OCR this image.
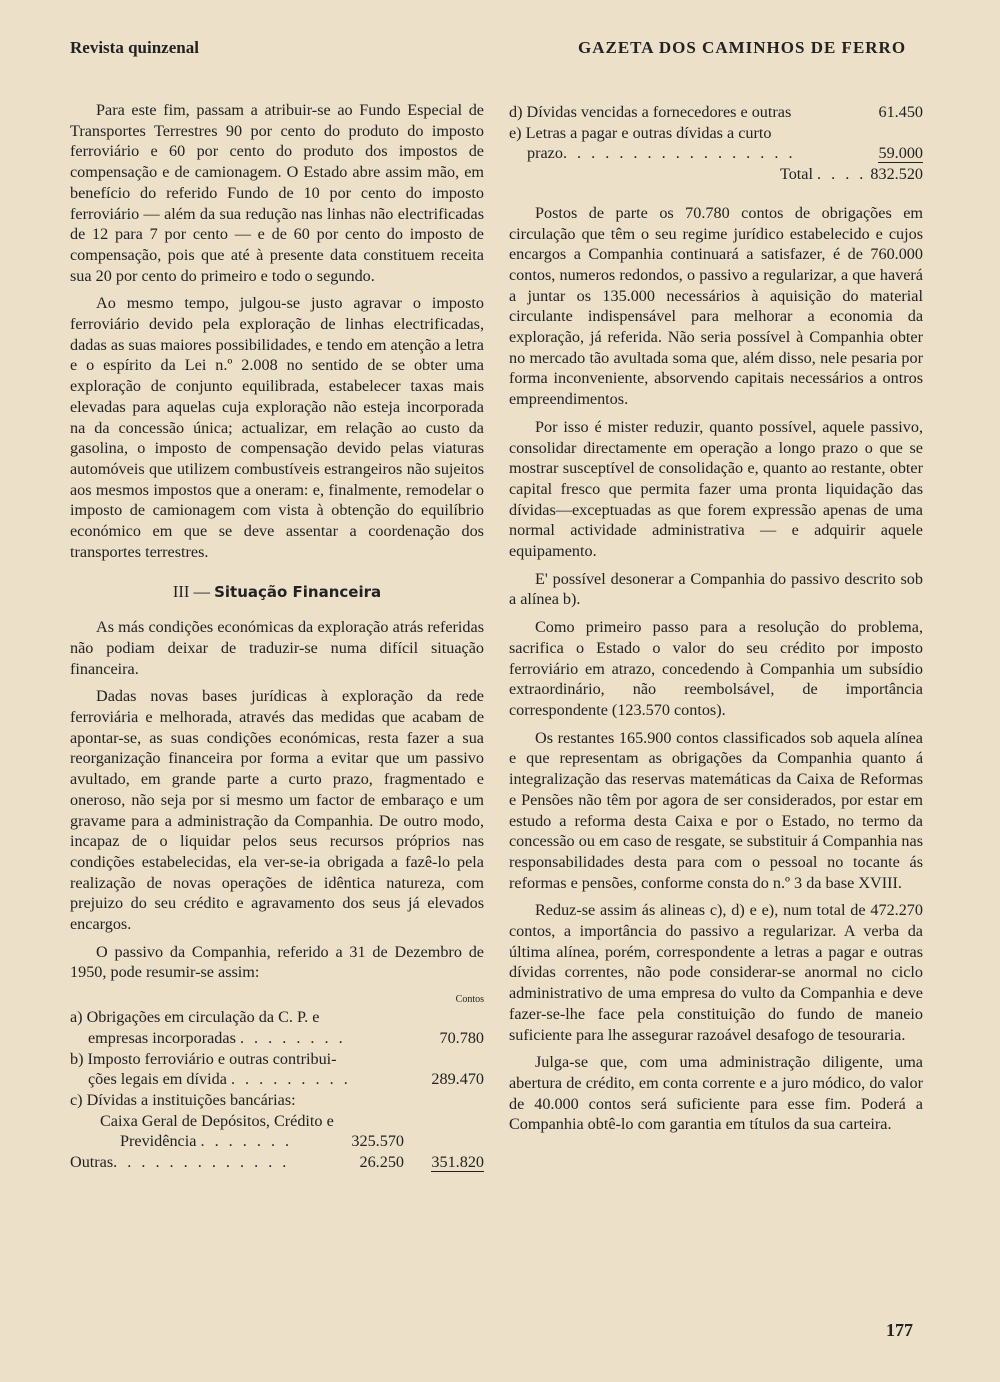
Revista quinzenal	GAZETA DOS CAMINHOS DE FERRO

Para este fim, passam a atribuir-se ao Fundo Especial de Transportes Terrestres 90 por cento do produto do imposto ferroviário e 60 por cento do produto dos impostos de compensação e de camionagem. O Estado abre assim mão, em benefício do referido Fundo de 10 por cento do imposto ferroviário — além da sua redução nas linhas não electrificadas de 12 para 7 por cento — e de 60 por cento do imposto de compensação, pois que até à presente data constituem receita sua 20 por cento do primeiro e todo o segundo.

Ao mesmo tempo, julgou-se justo agravar o imposto ferroviário devido pela exploração de linhas electrificadas, dadas as suas maiores possibilidades, e tendo em atenção a letra e o espírito da Lei n.º 2.008 no sentido de se obter uma exploração de conjunto equilibrada, estabelecer taxas mais elevadas para aquelas cuja exploração não esteja incorporada na da concessão única; actualizar, em relação ao custo da gasolina, o imposto de compensação devido pelas viaturas automóveis que utilizem combustíveis estrangeiros não sujeitos aos mesmos impostos que a oneram: e, finalmente, remodelar o imposto de camionagem com vista à obtenção do equilíbrio económico em que se deve assentar a coordenação dos transportes terrestres.

III — Situação Financeira

As más condições económicas da exploração atrás referidas não podiam deixar de traduzir-se numa difícil situação financeira.

Dadas novas bases jurídicas à exploração da rede ferroviária e melhorada, através das medidas que acabam de apontar-se, as suas condições económicas, resta fazer a sua reorganização financeira por forma a evitar que um passivo avultado, em grande parte a curto prazo, fragmentado e oneroso, não seja por si mesmo um factor de embaraço e um gravame para a administração da Companhia. De outro modo, incapaz de o liquidar pelos seus recursos próprios nas condições estabelecidas, ela ver-se-ia obrigada a fazê-lo pela realização de novas operações de idêntica natureza, com prejuizo do seu crédito e agravamento dos seus já elevados encargos.

O passivo da Companhia, referido a 31 de Dezembro de 1950, pode resumir-se assim:

Contos
a) Obrigações em circulação da C. P. e
empresas incorporadas . . . . . . . .	70.780
b) Imposto ferroviário e outras contribui-
ções legais em dívida . . . . . . . . .	289.470
c) Dívidas a instituições bancárias:
Caixa Geral de Depósitos, Crédito e
Previdência . . . . . . .	325.570
Outras. . . . . . . . . . . . .	26.250	351.820
d) Dívidas vencidas a fornecedores e outras	61.450
e) Letras a pagar e outras dívidas a curto
prazo. . . . . . . . . . . . . . . . .	59.000
Total . . . . 832.520

Postos de parte os 70.780 contos de obrigações em circulação que têm o seu regime jurídico estabelecido e cujos encargos a Companhia continuará a satisfazer, é de 760.000 contos, numeros redondos, o passivo a regularizar, a que haverá a juntar os 135.000 necessários à aquisição do material circulante indispensável para melhorar a economia da exploração, já referida. Não seria possível à Companhia obter no mercado tão avultada soma que, além disso, nele pesaria por forma inconveniente, absorvendo capitais necessários a ontros empreendimentos.

Por isso é mister reduzir, quanto possível, aquele passivo, consolidar directamente em operação a longo prazo o que se mostrar susceptível de consolidação e, quanto ao restante, obter capital fresco que permita fazer uma pronta liquidação das dívidas—exceptuadas as que forem expressão apenas de uma normal actividade administrativa — e adquirir aquele equipamento.

E' possível desonerar a Companhia do passivo descrito sob a alínea b).

Como primeiro passo para a resolução do problema, sacrifica o Estado o valor do seu crédito por imposto ferroviário em atrazo, concedendo à Companhia um subsídio extraordinário, não reembolsável, de importância correspondente (123.570 contos).

Os restantes 165.900 contos classificados sob aquela alínea e que representam as obrigações da Companhia quanto á integralização das reservas matemáticas da Caixa de Reformas e Pensões não têm por agora de ser considerados, por estar em estudo a reforma desta Caixa e por o Estado, no termo da concessão ou em caso de resgate, se substituir á Companhia nas responsabilidades desta para com o pessoal no tocante ás reformas e pensões, conforme consta do n.º 3 da base XVIII.

Reduz-se assim ás alineas c), d) e e), num total de 472.270 contos, a importância do passivo a regularizar. A verba da última alínea, porém, correspondente a letras a pagar e outras dívidas correntes, não pode considerar-se anormal no ciclo administrativo de uma empresa do vulto da Companhia e deve fazer-se-lhe face pela constituição do fundo de maneio suficiente para lhe assegurar razoável desafogo de tesouraria.

Julga-se que, com uma administração diligente, uma abertura de crédito, em conta corrente e a juro módico, do valor de 40.000 contos será suficiente para esse fim. Poderá a Companhia obtê-lo com garantia em títulos da sua carteira.

177
